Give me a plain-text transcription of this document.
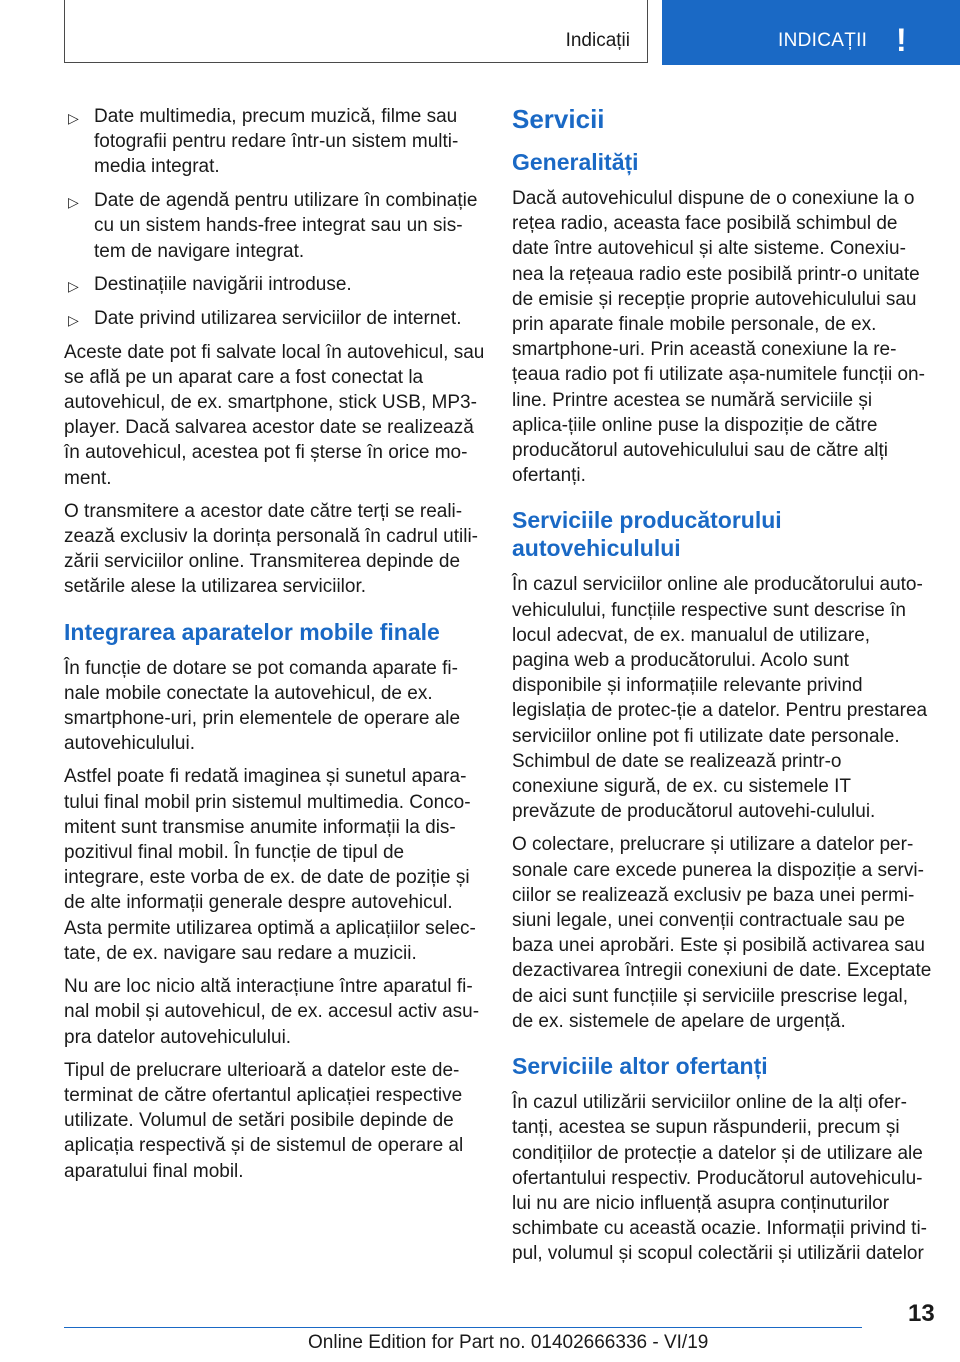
Indicații	INDICAȚII !
▷ Date multimedia, precum muzică, filme sau fotografii pentru redare într-un sistem multi-media integrat.
▷ Date de agendă pentru utilizare în combinație cu un sistem hands-free integrat sau un sis-tem de navigare integrat.
▷ Destinațiile navigării introduse.
▷ Date privind utilizarea serviciilor de internet.

Aceste date pot fi salvate local în autovehicul, sau se află pe un aparat care a fost conectat la autovehicul, de ex. smartphone, stick USB, MP3-player. Dacă salvarea acestor date se realizează în autovehicul, acestea pot fi șterse în orice mo-ment.

O transmitere a acestor date către terți se reali-zează exclusiv la dorința personală în cadrul utili-zării serviciilor online. Transmiterea depinde de setările alese la utilizarea serviciilor.

Integrarea aparatelor mobile finale

În funcție de dotare se pot comanda aparate fi-nale mobile conectate la autovehicul, de ex. smartphone-uri, prin elementele de operare ale autovehiculului.

Astfel poate fi redată imaginea și sunetul apara-tului final mobil prin sistemul multimedia. Conco-mitent sunt transmise anumite informații la dis-pozitivul final mobil. În funcție de tipul de integrare, este vorba de ex. de date de poziție și de alte informații generale despre autovehicul. Asta permite utilizarea optimă a aplicațiilor selec-tate, de ex. navigare sau redare a muzicii.

Nu are loc nicio altă interacțiune între aparatul fi-nal mobil și autovehicul, de ex. accesul activ asu-pra datelor autovehiculului.

Tipul de prelucrare ulterioară a datelor este de-terminat de către ofertantul aplicației respective utilizate. Volumul de setări posibile depinde de aplicația respectivă și de sistemul de operare al aparatului final mobil.

Servicii
Generalități

Dacă autovehiculul dispune de o conexiune la o rețea radio, aceasta face posibilă schimbul de date între autovehicul și alte sisteme. Conexiu-nea la rețeaua radio este posibilă printr-o unitate de emisie și recepție proprie autovehiculului sau prin aparate finale mobile personale, de ex. smartphone-uri. Prin această conexiune la re-țeaua radio pot fi utilizate așa-numitele funcții on-line. Printre acestea se numără serviciile și aplica-țiile online puse la dispoziție de către producătorul autovehiculului sau de către alți ofertanți.

Serviciile producătorului autovehiculului

În cazul serviciilor online ale producătorului auto-vehiculului, funcțiile respective sunt descrise în locul adecvat, de ex. manualul de utilizare, pagina web a producătorului. Acolo sunt disponibile și informațiile relevante privind legislația de protec-ție a datelor. Pentru prestarea serviciilor online pot fi utilizate date personale. Schimbul de date se realizează printr-o conexiune sigură, de ex. cu sistemele IT prevăzute de producătorul autovehi-culului.

O colectare, prelucrare și utilizare a datelor per-sonale care excede punerea la dispoziție a servi-ciilor se realizează exclusiv pe baza unei permi-siuni legale, unei convenții contractuale sau pe baza unei aprobări. Este și posibilă activarea sau dezactivarea întregii conexiuni de date. Exceptate de aici sunt funcțiile și serviciile prescrise legal, de ex. sistemele de apelare de urgență.

Serviciile altor ofertanți

În cazul utilizării serviciilor online de la alți ofer-tanți, acestea se supun răspunderii, precum și condițiilor de protecție a datelor și de utilizare ale ofertantului respectiv. Producătorul autovehiculu-lui nu are nicio influență asupra conținuturilor schimbate cu această ocazie. Informații privind ti-pul, volumul și scopul colectării și utilizării datelor

13
Online Edition for Part no. 01402666336 - VI/19
